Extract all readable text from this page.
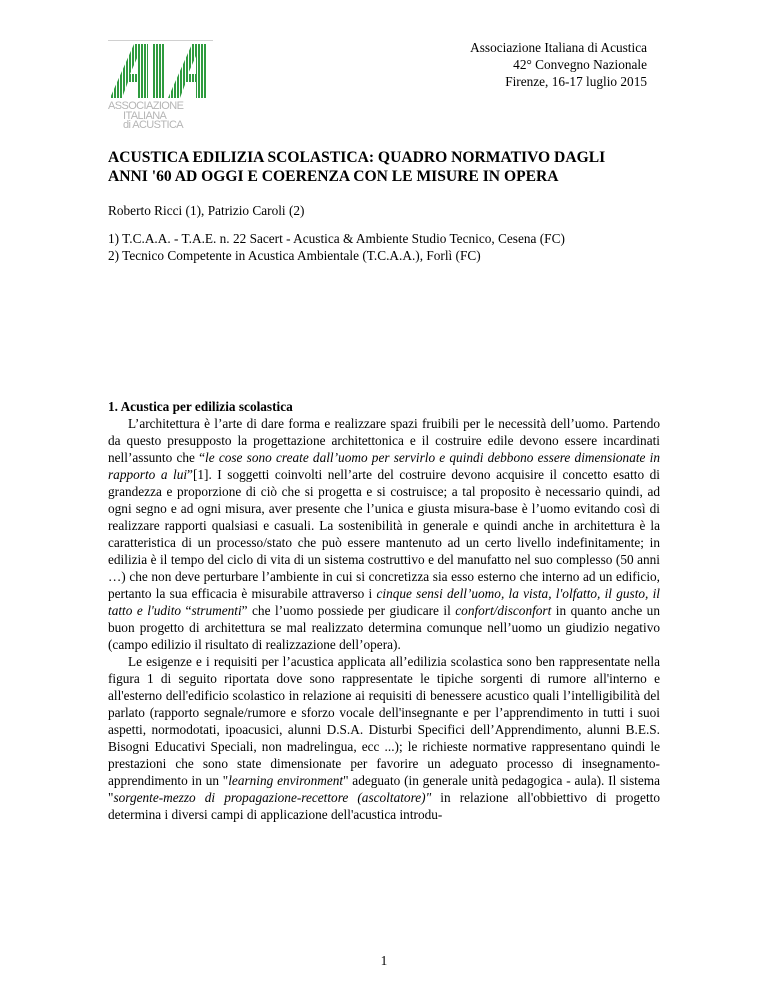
ASSOCIAZIONE
ITALIANA
di ACUSTICA
Associazione Italiana di Acustica
42° Convegno Nazionale
Firenze, 16-17 luglio 2015
ACUSTICA EDILIZIA SCOLASTICA: QUADRO NORMATIVO DAGLI
ANNI '60 AD OGGI E COERENZA CON LE MISURE IN OPERA
Roberto Ricci (1), Patrizio Caroli (2)
1) T.C.A.A. - T.A.E. n. 22 Sacert - Acustica & Ambiente Studio Tecnico, Cesena (FC)
2) Tecnico Competente in Acustica Ambientale (T.C.A.A.), Forlì (FC)
1. Acustica per edilizia scolastica

L’architettura è l’arte di dare forma e realizzare spazi fruibili per le necessità dell’uomo. Partendo da questo presupposto la progettazione architettonica e il costruire edile devono essere incardinati nell’assunto che “le cose sono create dall’uomo per servirlo e quindi debbono essere dimensionate in rapporto a lui”[1]. I soggetti coinvolti nell’arte del costruire devono acquisire il concetto esatto di grandezza e proporzione di ciò che si progetta e si costruisce; a tal proposito è necessario quindi, ad ogni segno e ad ogni misura, aver presente che l’unica e giusta misura-base è l’uomo evitando così di realizzare rapporti qualsiasi e casuali. La sostenibilità in generale e quindi anche in architettura è la caratteristica di un processo/stato che può essere mantenuto ad un certo livello indefinitamente; in edilizia è il tempo del ciclo di vita di un sistema costruttivo e del manufatto nel suo complesso (50 anni …) che non deve perturbare l’ambiente in cui si concretizza sia esso esterno che interno ad un edificio, pertanto la sua efficacia è misurabile attraverso i cinque sensi dell’uomo, la vista, l'olfatto, il gusto, il tatto e l'udito “strumenti” che l’uomo possiede per giudicare il confort/disconfort in quanto anche un buon progetto di architettura se mal realizzato determina comunque nell’uomo un giudizio negativo (campo edilizio il risultato di realizzazione dell’opera).

Le esigenze e i requisiti per l’acustica applicata all’edilizia scolastica sono ben rappresentate nella figura 1 di seguito riportata dove sono rappresentate le tipiche sorgenti di rumore all'interno e all'esterno dell'edificio scolastico in relazione ai requisiti di benessere acustico quali l’intelligibilità del parlato (rapporto segnale/rumore e sforzo vocale dell'insegnante e per l’apprendimento in tutti i suoi aspetti, normodotati, ipoacusici, alunni D.S.A. Disturbi Specifici dell’Apprendimento, alunni B.E.S. Bisogni Educativi Speciali, non madrelingua, ecc ...); le richieste normative rappresentano quindi le prestazioni che sono state dimensionate per favorire un adeguato processo di insegnamento-apprendimento in un "learning environment" adeguato (in generale unità pedagogica - aula). Il sistema "sorgente-mezzo di propagazione-recettore (ascoltatore)" in relazione all'obbiettivo di progetto determina i diversi campi di applicazione dell'acustica introdu-

1
